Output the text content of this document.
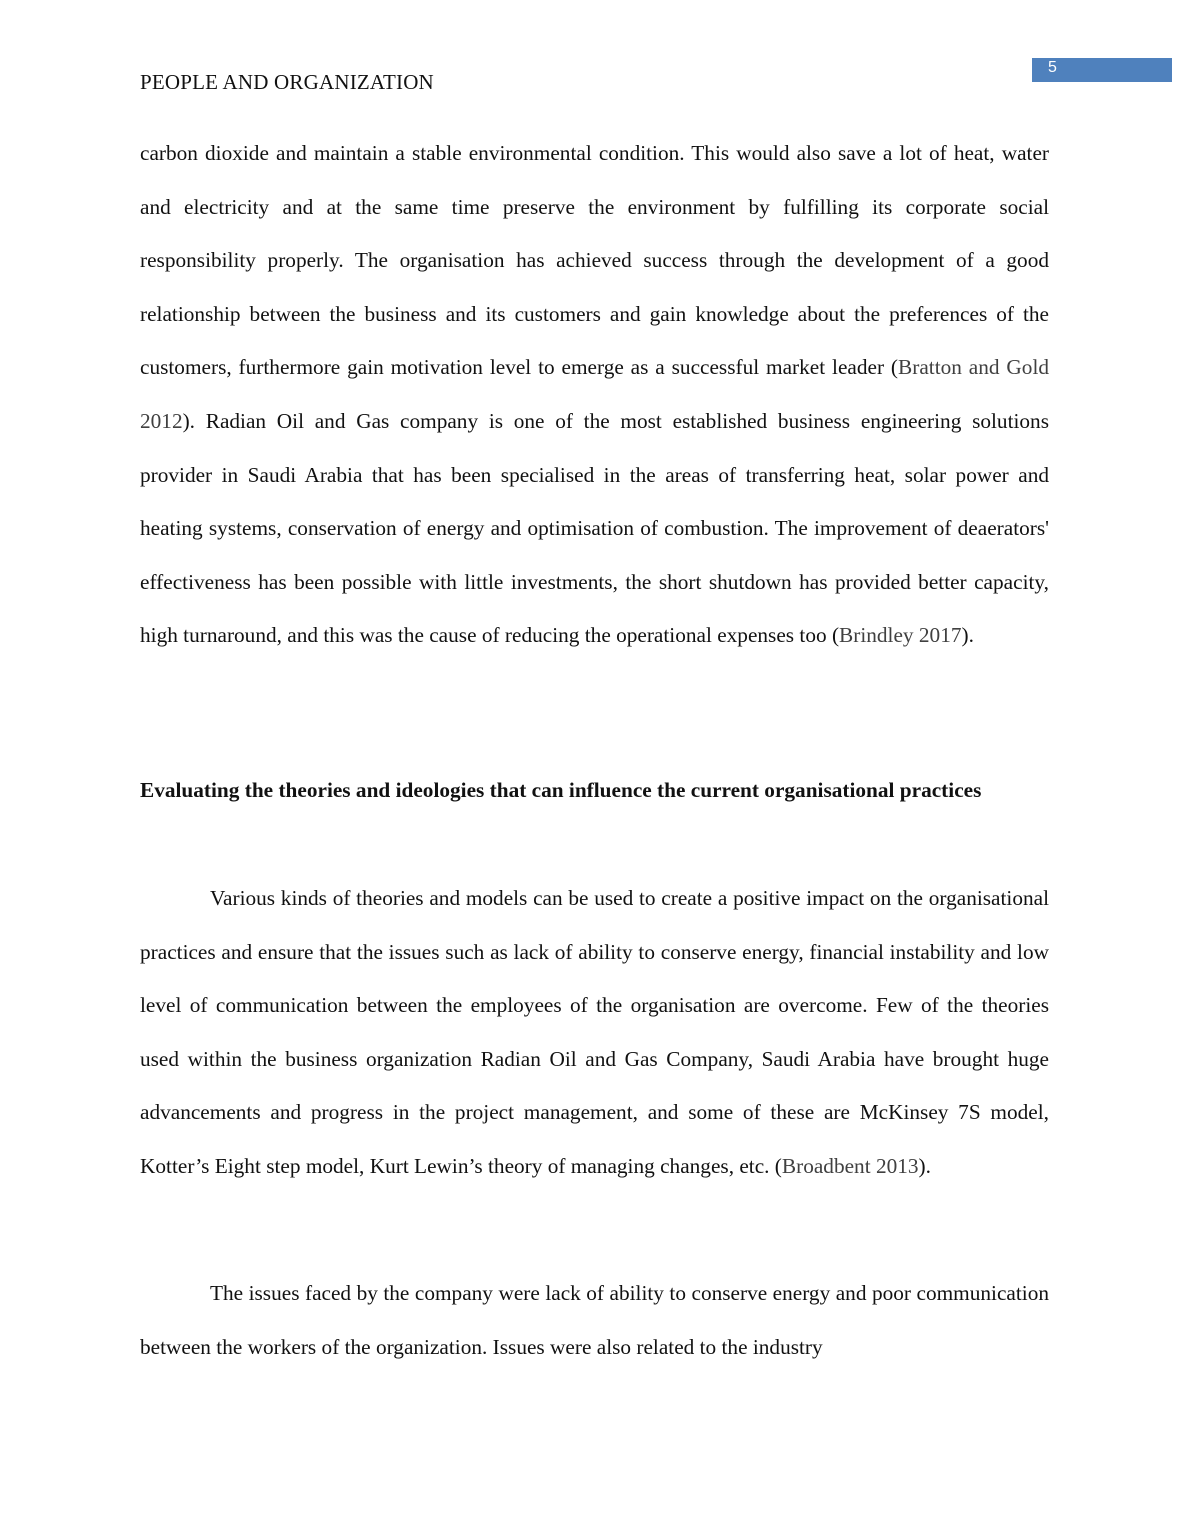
PEOPLE AND ORGANIZATION
5

carbon dioxide and maintain a stable environmental condition. This would also save a lot of heat, water and electricity and at the same time preserve the environment by fulfilling its corporate social responsibility properly. The organisation has achieved success through the development of a good relationship between the business and its customers and gain knowledge about the preferences of the customers, furthermore gain motivation level to emerge as a successful market leader (Bratton and Gold 2012). Radian Oil and Gas company is one of the most established business engineering solutions provider in Saudi Arabia that has been specialised in the areas of transferring heat, solar power and heating systems, conservation of energy and optimisation of combustion. The improvement of deaerators' effectiveness has been possible with little investments, the short shutdown has provided better capacity, high turnaround, and this was the cause of reducing the operational expenses too (Brindley 2017).

Evaluating the theories and ideologies that can influence the current organisational practices

Various kinds of theories and models can be used to create a positive impact on the organisational practices and ensure that the issues such as lack of ability to conserve energy, financial instability and low level of communication between the employees of the organisation are overcome. Few of the theories used within the business organization Radian Oil and Gas Company, Saudi Arabia have brought huge advancements and progress in the project management, and some of these are McKinsey 7S model, Kotter’s Eight step model, Kurt Lewin’s theory of managing changes, etc. (Broadbent 2013).

The issues faced by the company were lack of ability to conserve energy and poor communication between the workers of the organization. Issues were also related to the industry
